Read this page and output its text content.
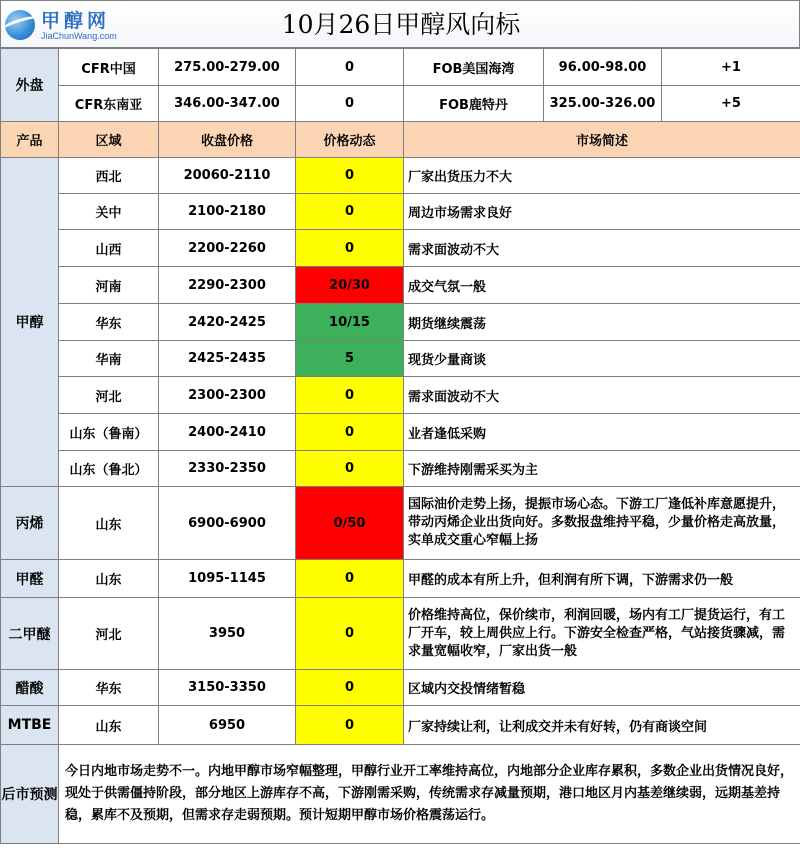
甲醇网
JiaChunWang.com	10月26日甲醇风向标
外盘	CFR中国	275.00-279.00	0	FOB美国海湾	96.00-98.00	+1
	CFR东南亚	346.00-347.00	0	FOB鹿特丹	325.00-326.00	+5
产品	区域	收盘价格	价格动态	市场简述		
甲醇	西北	20060-2110	0	厂家出货压力不大		
	关中	2100-2180	0	周边市场需求良好		
	山西	2200-2260	0	需求面波动不大		
	河南	2290-2300	20/30	成交气氛一般		
	华东	2420-2425	10/15	期货继续震荡		
	华南	2425-2435	5	现货少量商谈		
	河北	2300-2300	0	需求面波动不大		
	山东（鲁南）	2400-2410	0	业者逢低采购		
	山东（鲁北）	2330-2350	0	下游维持刚需采买为主		
丙烯	山东	6900-6900	0/50	国际油价走势上扬，提振市场心态。下游工厂逢低补库意愿提升，带动丙烯企业出货向好。多数报盘维持平稳，少量价格走高放量，实单成交重心窄幅上扬		
甲醛	山东	1095-1145	0	甲醛的成本有所上升，但利润有所下调，下游需求仍一般		
二甲醚	河北	3950	0	价格维持高位，保价续市，利润回暖，场内有工厂提货运行，有工厂开车，较上周供应上行。下游安全检查严格，气站接货骤减，需求量宽幅收窄，厂家出货一般		
醋酸	华东	3150-3350	0	区域内交投情绪暂稳		
MTBE	山东	6950	0	厂家持续让利，让利成交并未有好转，仍有商谈空间		
后市预测	今日内地市场走势不一。内地甲醇市场窄幅整理，甲醇行业开工率维持高位，内地部分企业库存累积，多数企业出货情况良好，现处于供需僵持阶段，部分地区上游库存不高，下游刚需采购，传统需求存减量预期，港口地区月内基差继续弱，远期基差持稳，累库不及预期，但需求存走弱预期。预计短期甲醇市场价格震荡运行。					
